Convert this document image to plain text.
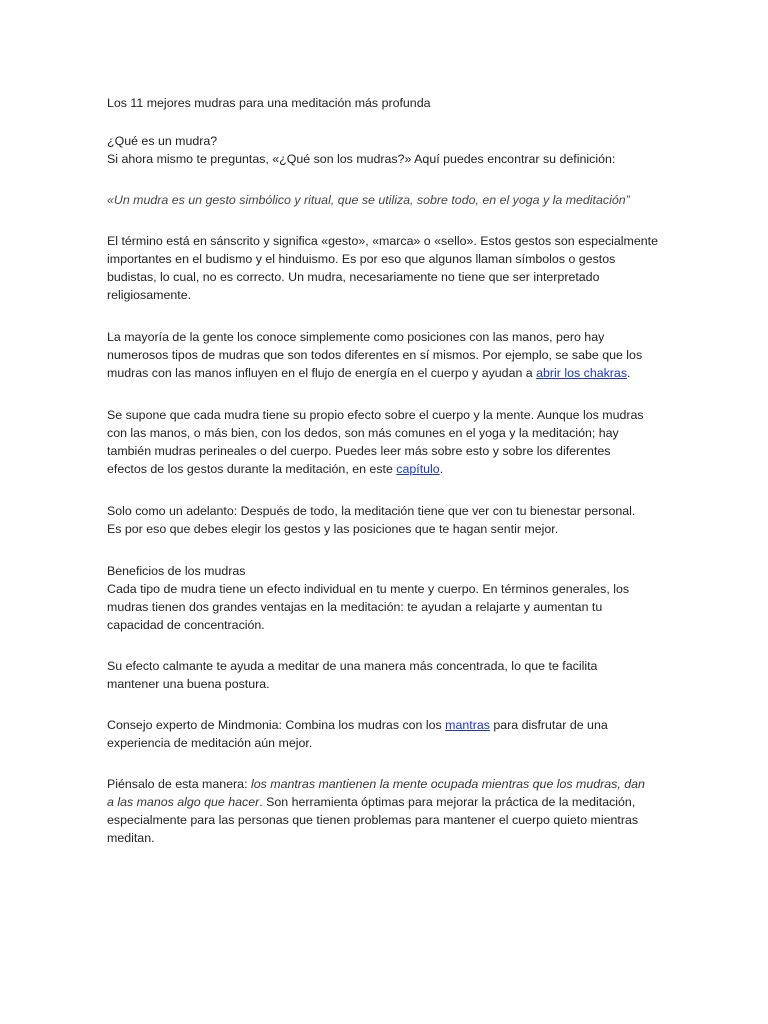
Los 11 mejores mudras para una meditación más profunda

¿Qué es un mudra?
Si ahora mismo te preguntas, «¿Qué son los mudras?» Aquí puedes encontrar su definición:

«Un mudra es un gesto simbólico y ritual, que se utiliza, sobre todo, en el yoga y la meditación”

El término está en sánscrito y significa «gesto», «marca» o «sello». Estos gestos son especialmente
importantes en el budismo y el hinduismo. Es por eso que algunos llaman símbolos o gestos
budistas, lo cual, no es correcto. Un mudra, necesariamente no tiene que ser interpretado
religiosamente.

La mayoría de la gente los conoce simplemente como posiciones con las manos, pero hay
numerosos tipos de mudras que son todos diferentes en sí mismos. Por ejemplo, se sabe que los
mudras con las manos influyen en el flujo de energía en el cuerpo y ayudan a abrir los chakras.

Se supone que cada mudra tiene su propio efecto sobre el cuerpo y la mente. Aunque los mudras
con las manos, o más bien, con los dedos, son más comunes en el yoga y la meditación; hay
también mudras perineales o del cuerpo. Puedes leer más sobre esto y sobre los diferentes
efectos de los gestos durante la meditación, en este capítulo.

Solo como un adelanto: Después de todo, la meditación tiene que ver con tu bienestar personal.
Es por eso que debes elegir los gestos y las posiciones que te hagan sentir mejor.

Beneficios de los mudras
Cada tipo de mudra tiene un efecto individual en tu mente y cuerpo. En términos generales, los
mudras tienen dos grandes ventajas en la meditación: te ayudan a relajarte y aumentan tu
capacidad de concentración.

Su efecto calmante te ayuda a meditar de una manera más concentrada, lo que te facilita
mantener una buena postura.

Consejo experto de Mindmonia: Combina los mudras con los mantras para disfrutar de una
experiencia de meditación aún mejor.

Piénsalo de esta manera: los mantras mantienen la mente ocupada mientras que los mudras, dan
a las manos algo que hacer. Son herramienta óptimas para mejorar la práctica de la meditación,
especialmente para las personas que tienen problemas para mantener el cuerpo quieto mientras
meditan.
